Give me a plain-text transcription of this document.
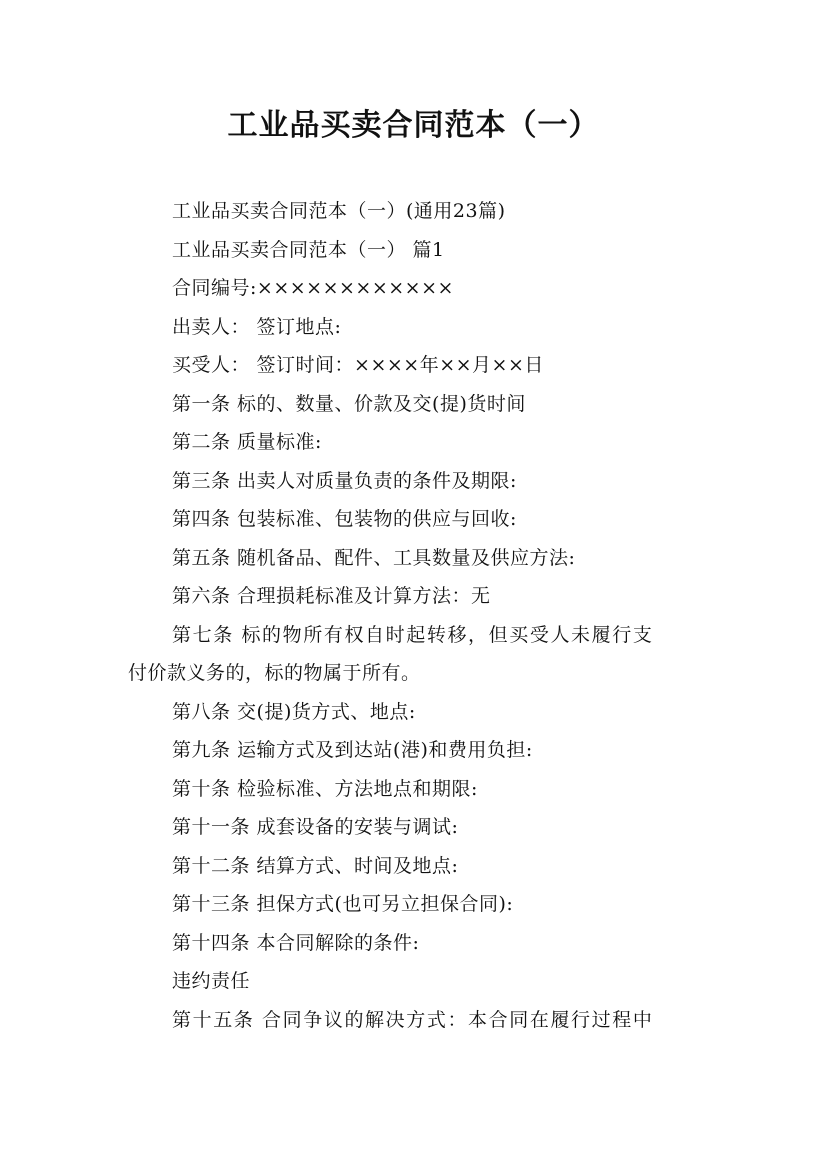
工业品买卖合同范本（一）
工业品买卖合同范本（一）(通用23篇)
工业品买卖合同范本（一） 篇1
合同编号:××××××××××××
出卖人： 签订地点:
买受人： 签订时间：××××年××月××日
第一条 标的、数量、价款及交(提)货时间
第二条 质量标准:
第三条 出卖人对质量负责的条件及期限:
第四条 包装标准、包装物的供应与回收:
第五条 随机备品、配件、工具数量及供应方法:
第六条 合理损耗标准及计算方法：无
第七条 标的物所有权自时起转移，但买受人未履行支
付价款义务的，标的物属于所有。
第八条 交(提)货方式、地点:
第九条 运输方式及到达站(港)和费用负担:
第十条 检验标准、方法地点和期限:
第十一条 成套设备的安装与调试:
第十二条 结算方式、时间及地点:
第十三条 担保方式(也可另立担保合同):
第十四条 本合同解除的条件:
违约责任
第十五条 合同争议的解决方式：本合同在履行过程中
